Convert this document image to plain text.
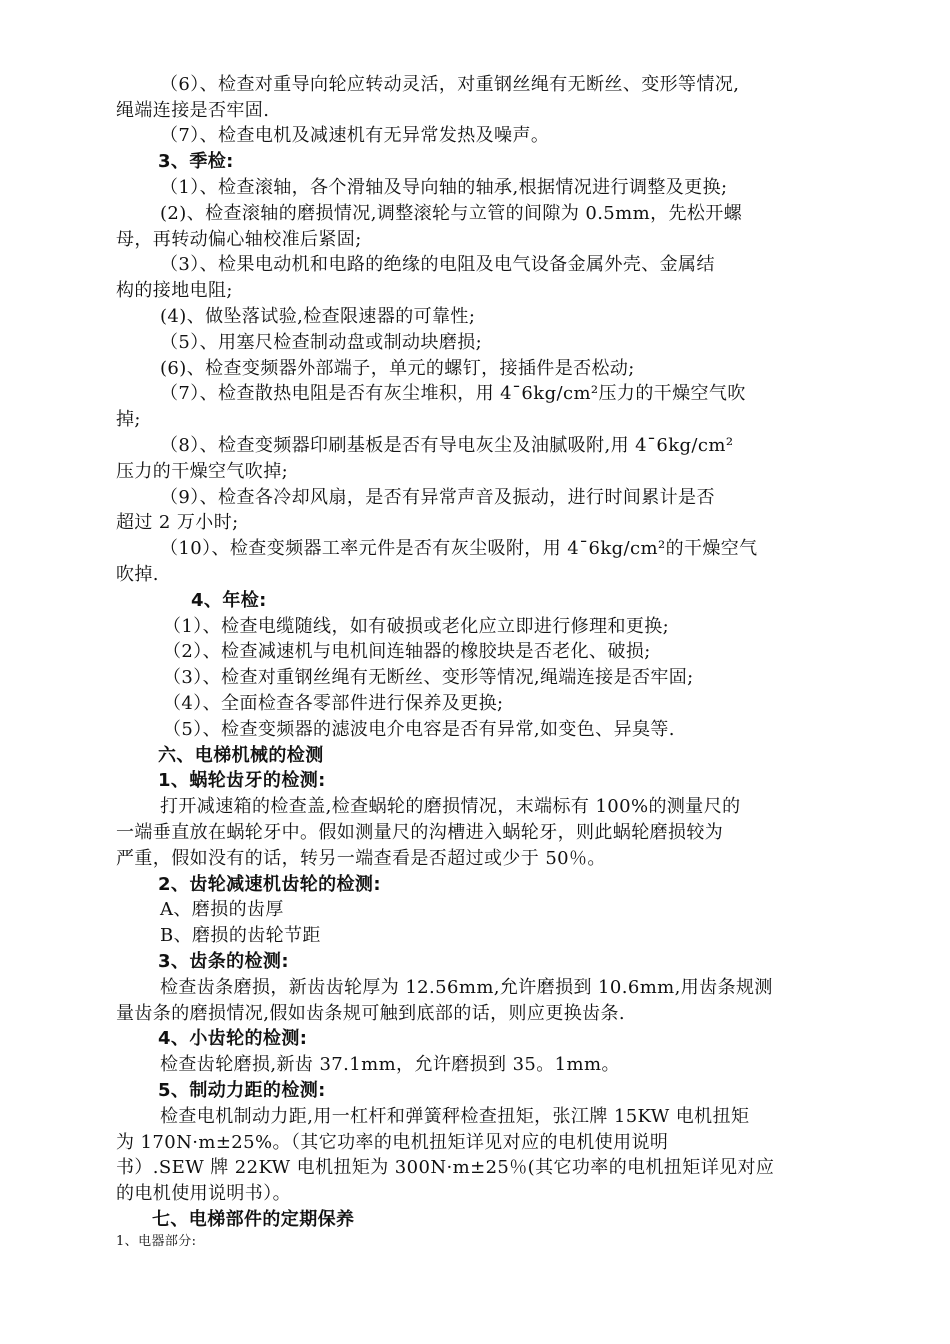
（6）、检查对重导向轮应转动灵活，对重钢丝绳有无断丝、变形等情况,
绳端连接是否牢固.
（7）、检查电机及减速机有无异常发热及噪声。
3、季检:
（1）、检查滚轴，各个滑轴及导向轴的轴承,根据情况进行调整及更换;
(2)、检查滚轴的磨损情况,调整滚轮与立管的间隙为 0.5mm，先松开螺
母，再转动偏心轴校准后紧固;
（3）、检果电动机和电路的绝缘的电阻及电气设备金属外壳、金属结
构的接地电阻;
(4)、做坠落试验,检查限速器的可靠性;
（5）、用塞尺检查制动盘或制动块磨损;
(6)、检查变频器外部端子，单元的螺钉，接插件是否松动;
（7）、检查散热电阻是否有灰尘堆积，用 4¯6kg/cm²压力的干燥空气吹
掉;
（8）、检查变频器印刷基板是否有导电灰尘及油腻吸附,用 4¯6kg/cm²
压力的干燥空气吹掉;
（9）、检查各冷却风扇，是否有异常声音及振动，进行时间累计是否
超过 2 万小时;
（10）、检查变频器工率元件是否有灰尘吸附，用 4¯6kg/cm²的干燥空气
吹掉.
4、年检:
（1）、检查电缆随线，如有破损或老化应立即进行修理和更换;
（2）、检查减速机与电机间连轴器的橡胶块是否老化、破损;
（3）、检查对重钢丝绳有无断丝、变形等情况,绳端连接是否牢固;
（4）、全面检查各零部件进行保养及更换;
（5）、检查变频器的滤波电介电容是否有异常,如变色、异臭等.
六、电梯机械的检测
1、蜗轮齿牙的检测:
打开减速箱的检查盖,检查蜗轮的磨损情况，末端标有 100%的测量尺的
一端垂直放在蜗轮牙中。假如测量尺的沟槽进入蜗轮牙，则此蜗轮磨损较为
严重，假如没有的话，转另一端查看是否超过或少于 50％。
2、齿轮减速机齿轮的检测:
A、磨损的齿厚
B、磨损的齿轮节距
3、齿条的检测:
检查齿条磨损，新齿齿轮厚为 12.56mm,允许磨损到 10.6mm,用齿条规测
量齿条的磨损情况,假如齿条规可触到底部的话，则应更换齿条.
4、小齿轮的检测:
检查齿轮磨损,新齿 37.1mm，允许磨损到 35。1mm。
5、制动力距的检测:
检查电机制动力距,用一杠杆和弹簧秤检查扭矩，张江牌 15KW 电机扭矩
为 170N·m±25%。（其它功率的电机扭矩详见对应的电机使用说明
书）.SEW 牌 22KW 电机扭矩为 300N·m±25％(其它功率的电机扭矩详见对应
的电机使用说明书）。
七、电梯部件的定期保养
1、电器部分:
